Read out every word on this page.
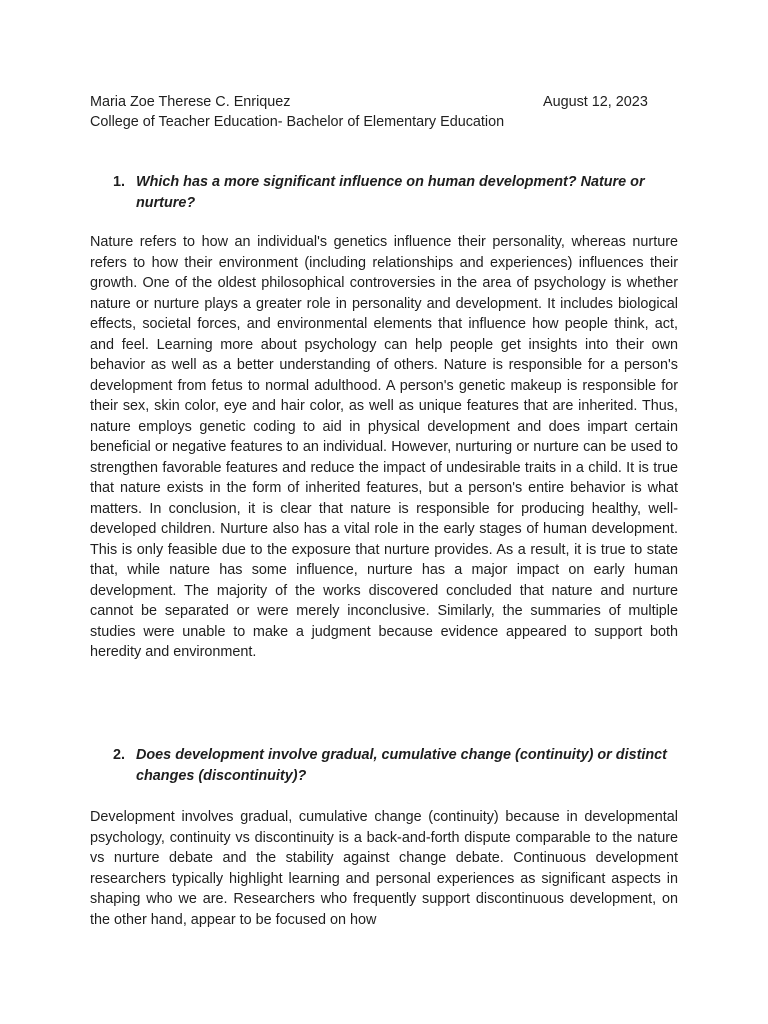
Maria Zoe Therese C. Enriquez	August 12, 2023
College of Teacher Education- Bachelor of Elementary Education
1. Which has a more significant influence on human development? Nature or nurture?

Nature refers to how an individual's genetics influence their personality, whereas nurture refers to how their environment (including relationships and experiences) influences their growth. One of the oldest philosophical controversies in the area of psychology is whether nature or nurture plays a greater role in personality and development. It includes biological effects, societal forces, and environmental elements that influence how people think, act, and feel. Learning more about psychology can help people get insights into their own behavior as well as a better understanding of others. Nature is responsible for a person's development from fetus to normal adulthood. A person's genetic makeup is responsible for their sex, skin color, eye and hair color, as well as unique features that are inherited. Thus, nature employs genetic coding to aid in physical development and does impart certain beneficial or negative features to an individual. However, nurturing or nurture can be used to strengthen favorable features and reduce the impact of undesirable traits in a child. It is true that nature exists in the form of inherited features, but a person's entire behavior is what matters. In conclusion, it is clear that nature is responsible for producing healthy, well-developed children. Nurture also has a vital role in the early stages of human development. This is only feasible due to the exposure that nurture provides. As a result, it is true to state that, while nature has some influence, nurture has a major impact on early human development. The majority of the works discovered concluded that nature and nurture cannot be separated or were merely inconclusive. Similarly, the summaries of multiple studies were unable to make a judgment because evidence appeared to support both heredity and environment.

2. Does development involve gradual, cumulative change (continuity) or distinct changes (discontinuity)?

Development involves gradual, cumulative change (continuity) because in developmental psychology, continuity vs discontinuity is a back-and-forth dispute comparable to the nature vs nurture debate and the stability against change debate. Continuous development researchers typically highlight learning and personal experiences as significant aspects in shaping who we are. Researchers who frequently support discontinuous development, on the other hand, appear to be focused on how
